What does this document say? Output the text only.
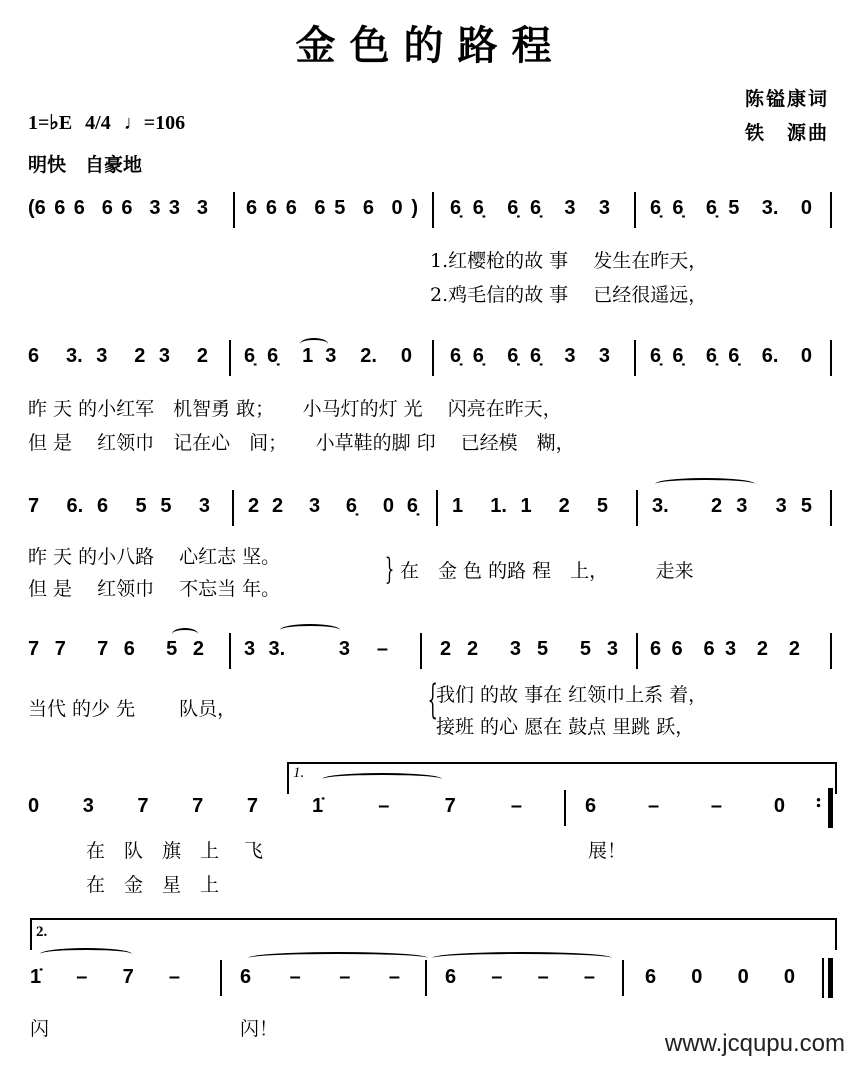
金色的路程
陈镒康词
铁　源曲
1=♭E 4/4 ♩=106
明快　自豪地
(6 6 6  6 6  3 3  3 6 6 6  6 5  6  0 ) 6̣ 6̣  6̣ 6̣  3  3 6̣ 6̣  6̣ 5  3.  0
1.红樱枪的故 事　 发生在昨天，
2.鸡毛信的故 事　 已经很遥远，
6  3. 3  2 3  2 6̣ 6̣  1 3  2.  0 6̣ 6̣  6̣ 6̣  3  3 6̣ 6̣  6̣ 6̣  6.  0
昨 天 的小红军　机智勇 敢；　　小马灯的灯 光　 闪亮在昨天，
但 是　 红领巾　记在心　间；　　小草鞋的脚 印　 已经模　糊，
7  6. 6  5 5  3 2 2  3  6̣  0 6̣ 1  1. 1  2  5 3.   2 3  3 5
昨 天 的小八路　 心红志 坚。
但 是　 红领巾　 不忘当 年。
} 在　金 色 的路 程　上，　　　走来
7 7  7 6  5 2 3 3.    3  –	2 2  3 5  5 3 6 6  6 3  2  2
当代 的少 先　　 队员，	{
我们 的故 事在 红领巾上系 着，
接班 的心 愿在 鼓点 里跳 跃，
0  3  7  7  7
1.
1̇  –  7  –	6  –  –  0 :
在　队　旗　上　 飞
在　金　星　上
展！
2.
1̇  –  7  –	6  –  –  – 6  –  –  –	6  0  0  0
闪	闪！
www.jcqupu.com
